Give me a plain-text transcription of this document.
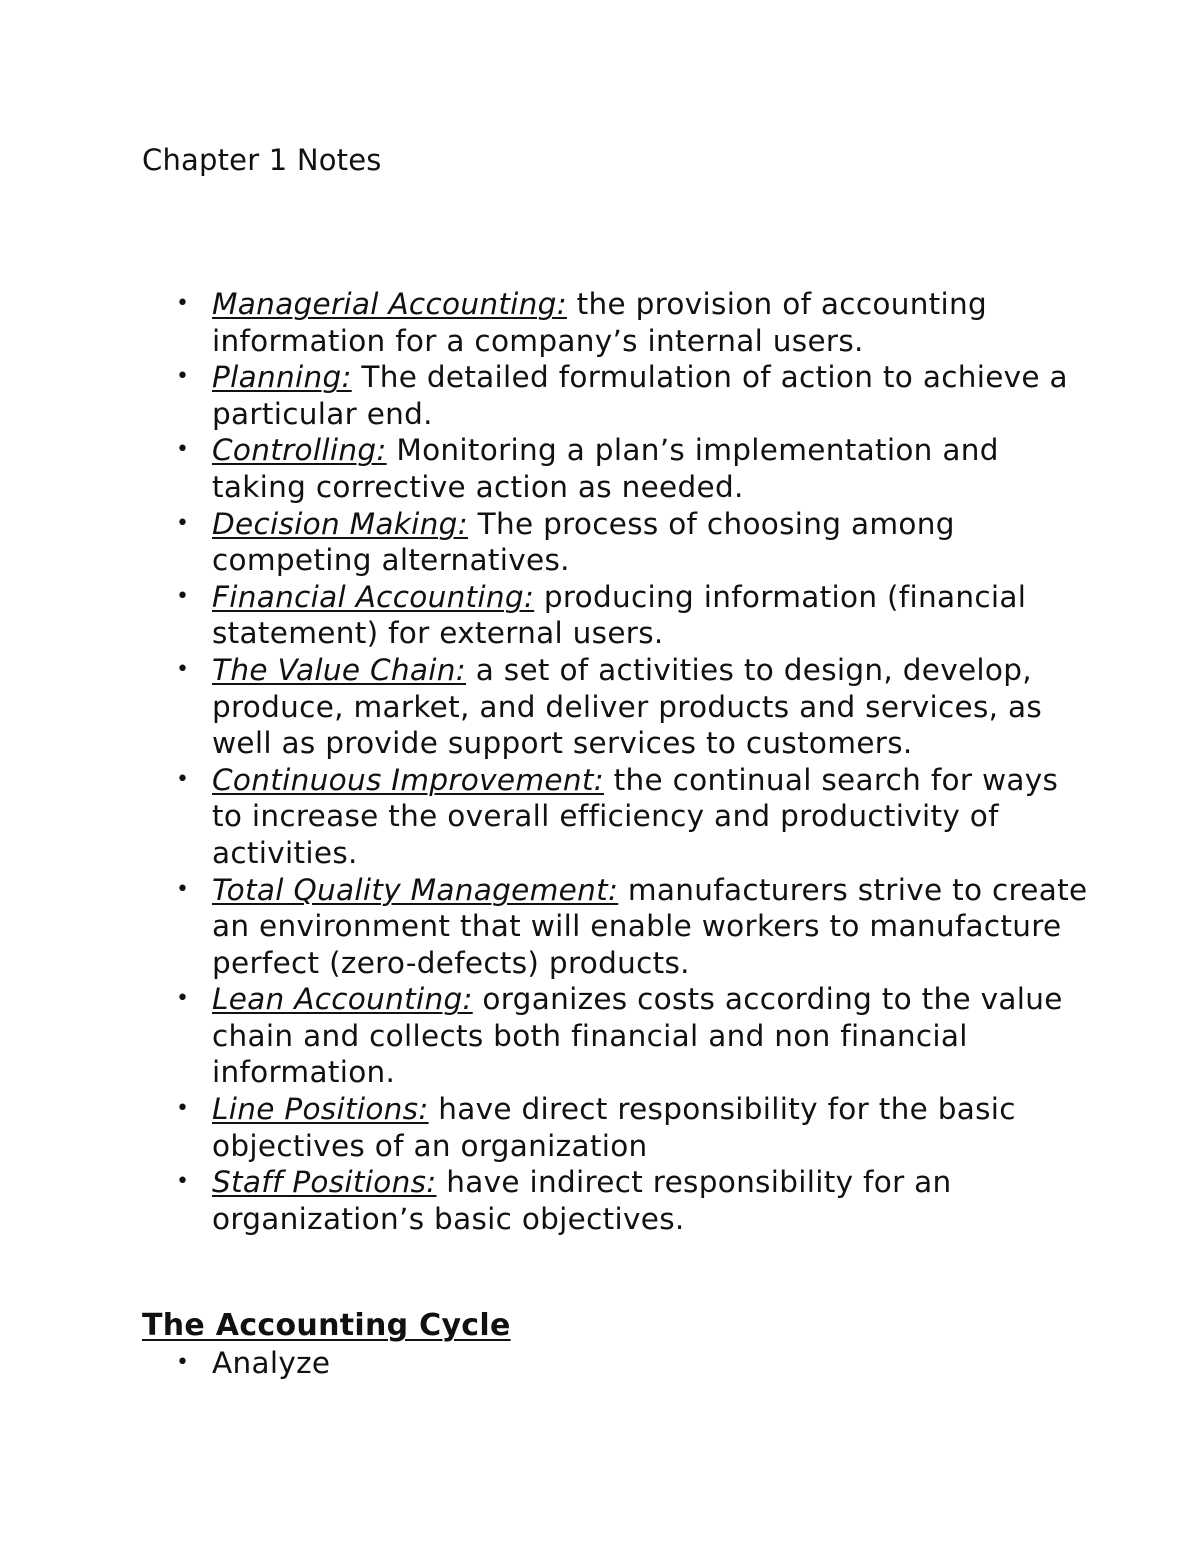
Chapter 1 Notes
• Managerial Accounting: the provision of accounting information for a company’s internal users.
• Planning: The detailed formulation of action to achieve a particular end.
• Controlling: Monitoring a plan’s implementation and taking corrective action as needed.
• Decision Making: The process of choosing among competing alternatives.
• Financial Accounting: producing information (financial statement) for external users.
• The Value Chain: a set of activities to design, develop, produce, market, and deliver products and services, as well as provide support services to customers.
• Continuous Improvement: the continual search for ways to increase the overall efficiency and productivity of activities.
• Total Quality Management: manufacturers strive to create an environment that will enable workers to manufacture perfect (zero-defects) products.
• Lean Accounting: organizes costs according to the value chain and collects both financial and non financial information.
• Line Positions: have direct responsibility for the basic objectives of an organization
• Staff Positions: have indirect responsibility for an organization’s basic objectives.
The Accounting Cycle
• Analyze
